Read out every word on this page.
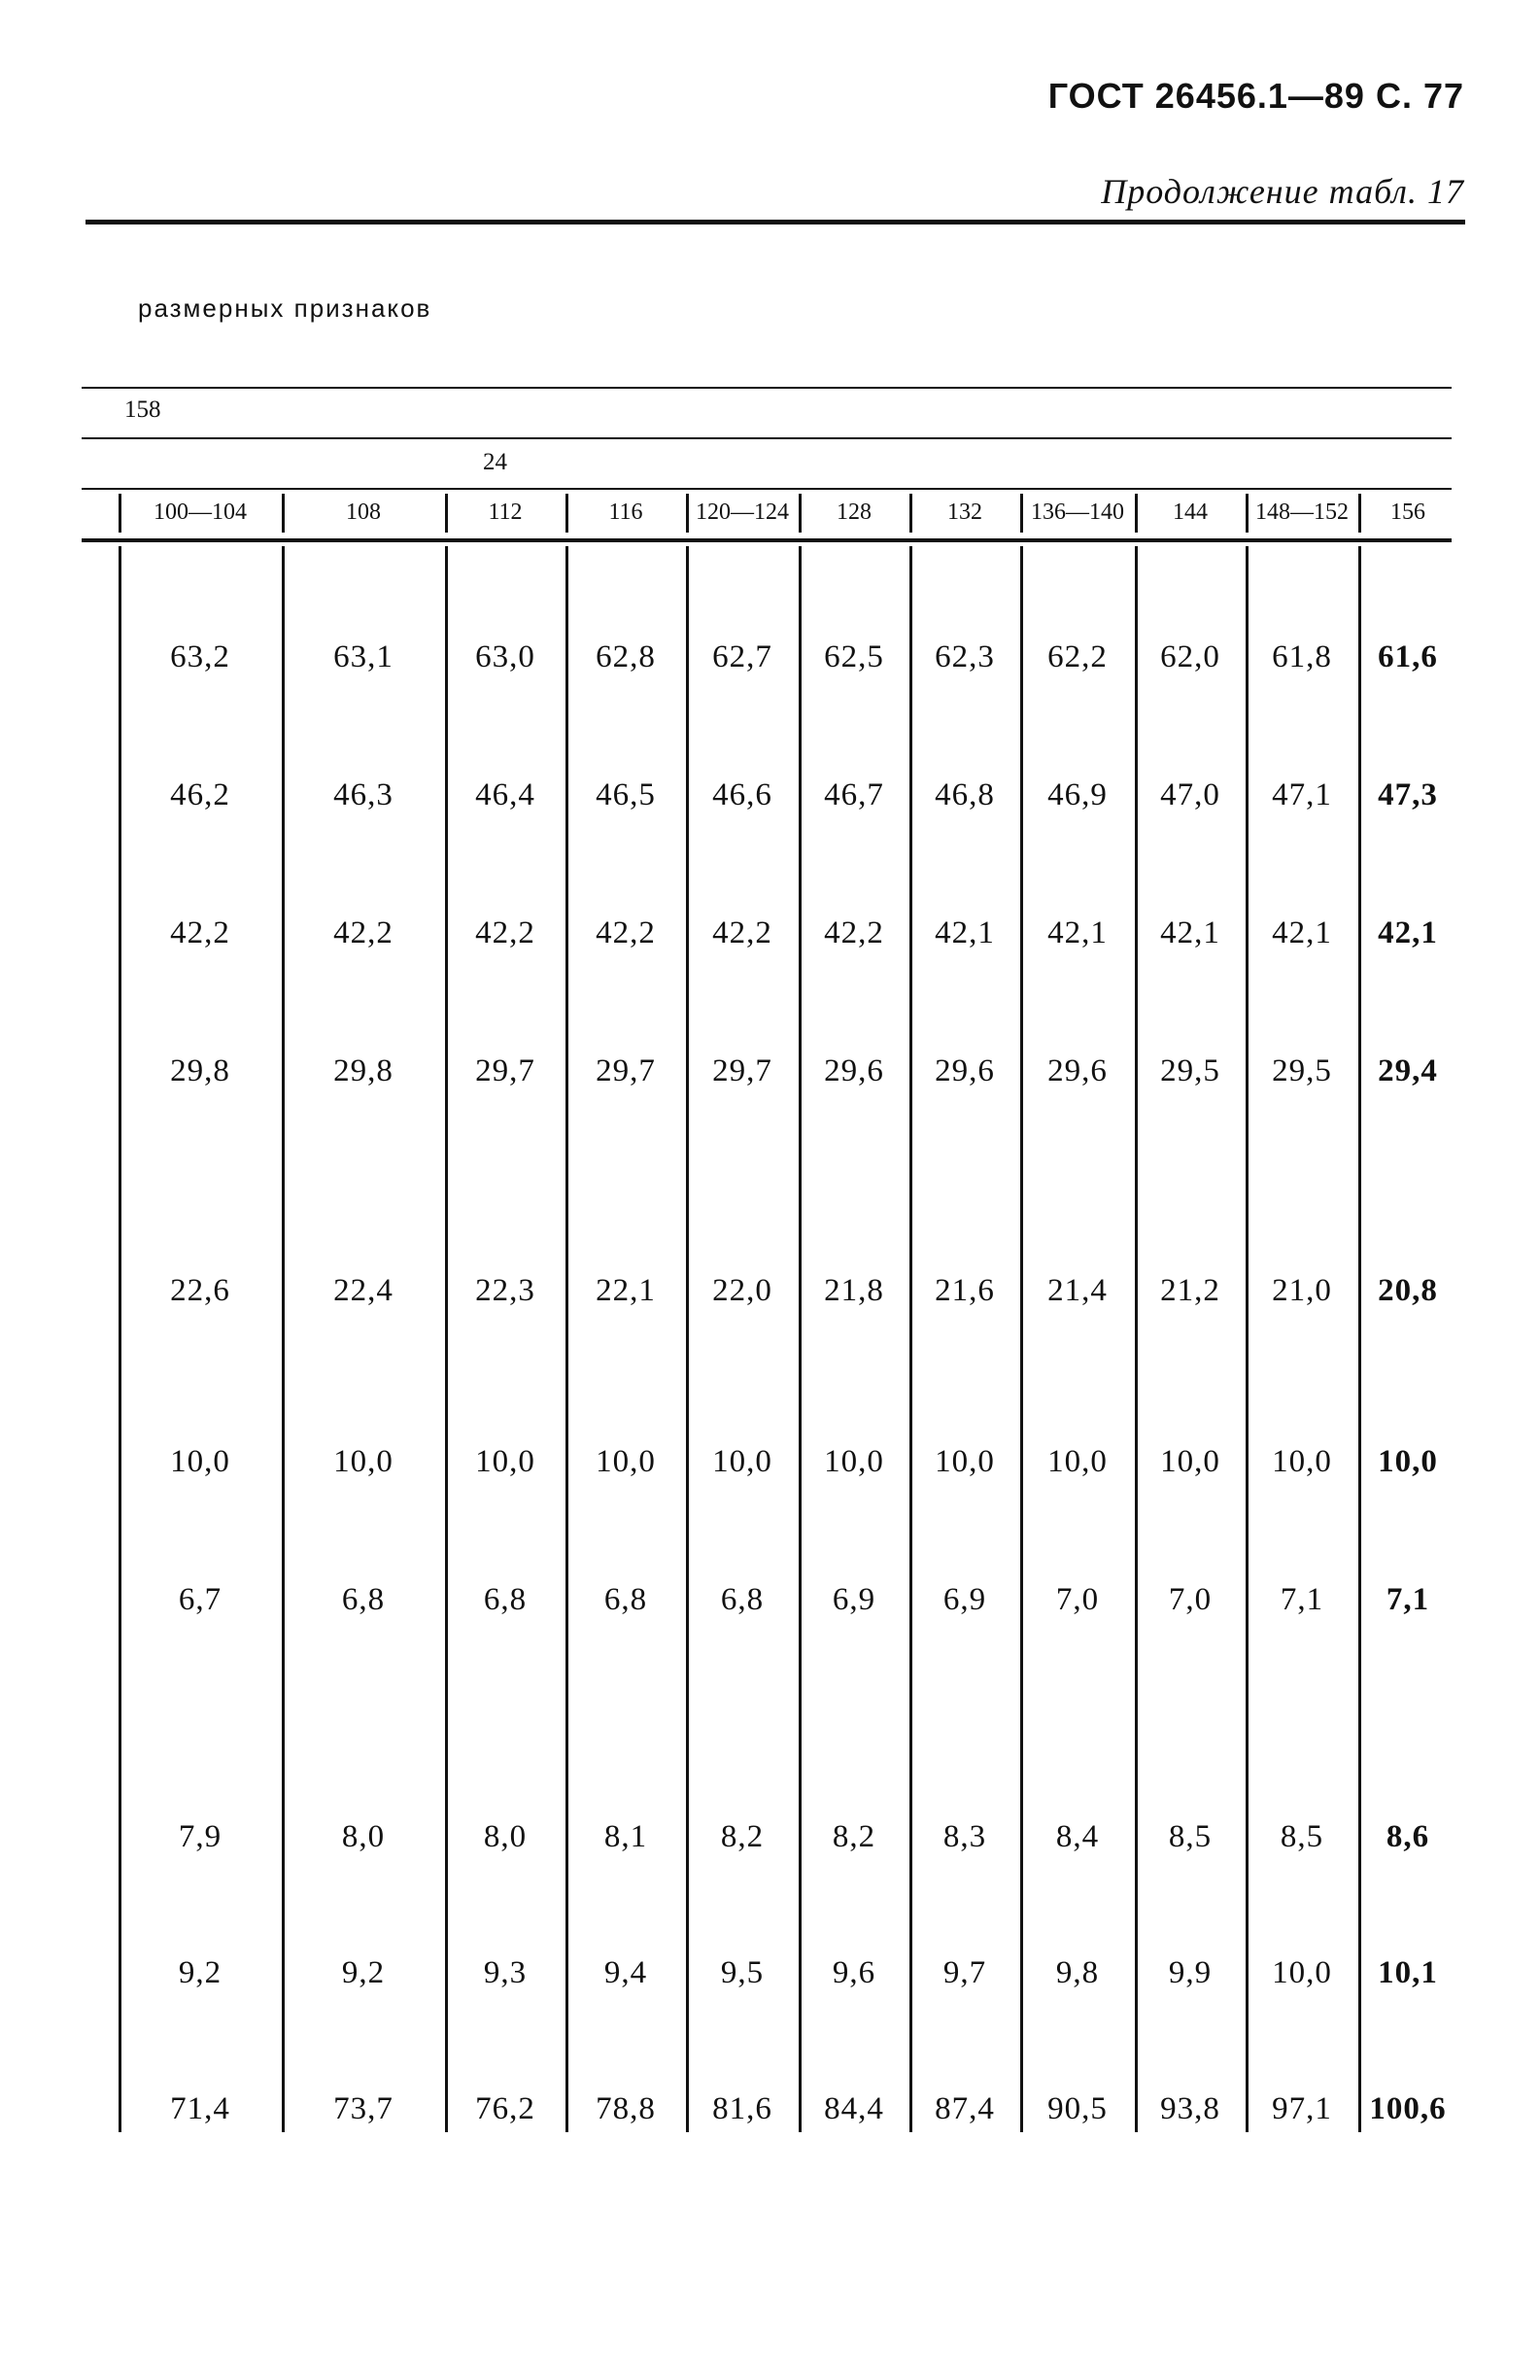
ГОСТ 26456.1—89 С. 77
Продолжение табл. 17
размерных признаков
158
24
100—104	108	112	116	120—124	128	132	136—140	144	148—152	156
63,2	63,1	63,0	62,8	62,7	62,5	62,3	62,2	62,0	61,8	61,6
46,2	46,3	46,4	46,5	46,6	46,7	46,8	46,9	47,0	47,1	47,3
42,2	42,2	42,2	42,2	42,2	42,2	42,1	42,1	42,1	42,1	42,1
29,8	29,8	29,7	29,7	29,7	29,6	29,6	29,6	29,5	29,5	29,4
22,6	22,4	22,3	22,1	22,0	21,8	21,6	21,4	21,2	21,0	20,8
10,0	10,0	10,0	10,0	10,0	10,0	10,0	10,0	10,0	10,0	10,0
6,7	6,8	6,8	6,8	6,8	6,9	6,9	7,0	7,0	7,1	7,1
7,9	8,0	8,0	8,1	8,2	8,2	8,3	8,4	8,5	8,5	8,6
9,2	9,2	9,3	9,4	9,5	9,6	9,7	9,8	9,9	10,0	10,1
71,4	73,7	76,2	78,8	81,6	84,4	87,4	90,5	93,8	97,1	100,6
